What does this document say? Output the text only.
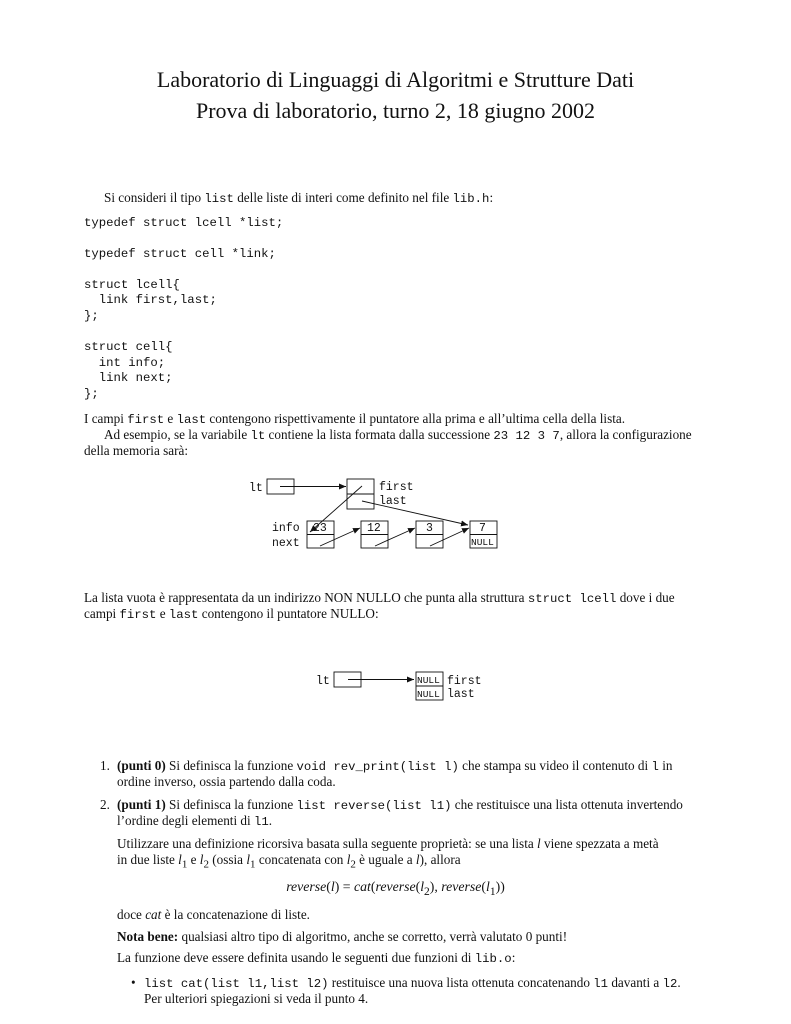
Laboratorio di Linguaggi di Algoritmi e Strutture Dati
Prova di laboratorio, turno 2, 18 giugno 2002
Si consideri il tipo list delle liste di interi come definito nel file lib.h:
typedef struct lcell *list;
typedef struct cell *link;
struct lcell{
link first,last;
};
struct cell{
int info;
link next;
};
I campi first e last contengono rispettivamente il puntatore alla prima e all’ultima cella della lista.
Ad esempio, se la variabile lt contiene la lista formata dalla successione 23 12 3 7, allora la configurazione
della memoria sarà:
lt	first
last
info
next
23	12	3	7
NULL
lt	NULL
NULL
first
last
La lista vuota è rappresentata da un indirizzo NON NULLO che punta alla struttura struct lcell dove i due
campi first e last contengono il puntatore NULLO:
1. (punti 0) Si definisca la funzione void rev_print(list l) che stampa su video il contenuto di l in
ordine inverso, ossia partendo dalla coda.
2. (punti 1) Si definisca la funzione list reverse(list l1) che restituisce una lista ottenuta invertendo
l’ordine degli elementi di l1.
Utilizzare una definizione ricorsiva basata sulla seguente proprietà: se una lista l viene spezzata a metà
in due liste $l_1$ e $l_2$ (ossia $l_1$ concatenata con $l_2$ è uguale a l), allora
reverse(l) = $cat(reverse(l_2)$, $reverse(l_1)$)
doce cat è la concatenazione di liste.
Nota bene: qualsiasi altro tipo di algoritmo, anche se corretto, verrà valutato 0 punti!
La funzione deve essere definita usando le seguenti due funzioni di lib.o:
• list cat(list l1,list l2) restituisce una nuova lista ottenuta concatenando l1 davanti a l2.
Per ulteriori spiegazioni si veda il punto 4.
